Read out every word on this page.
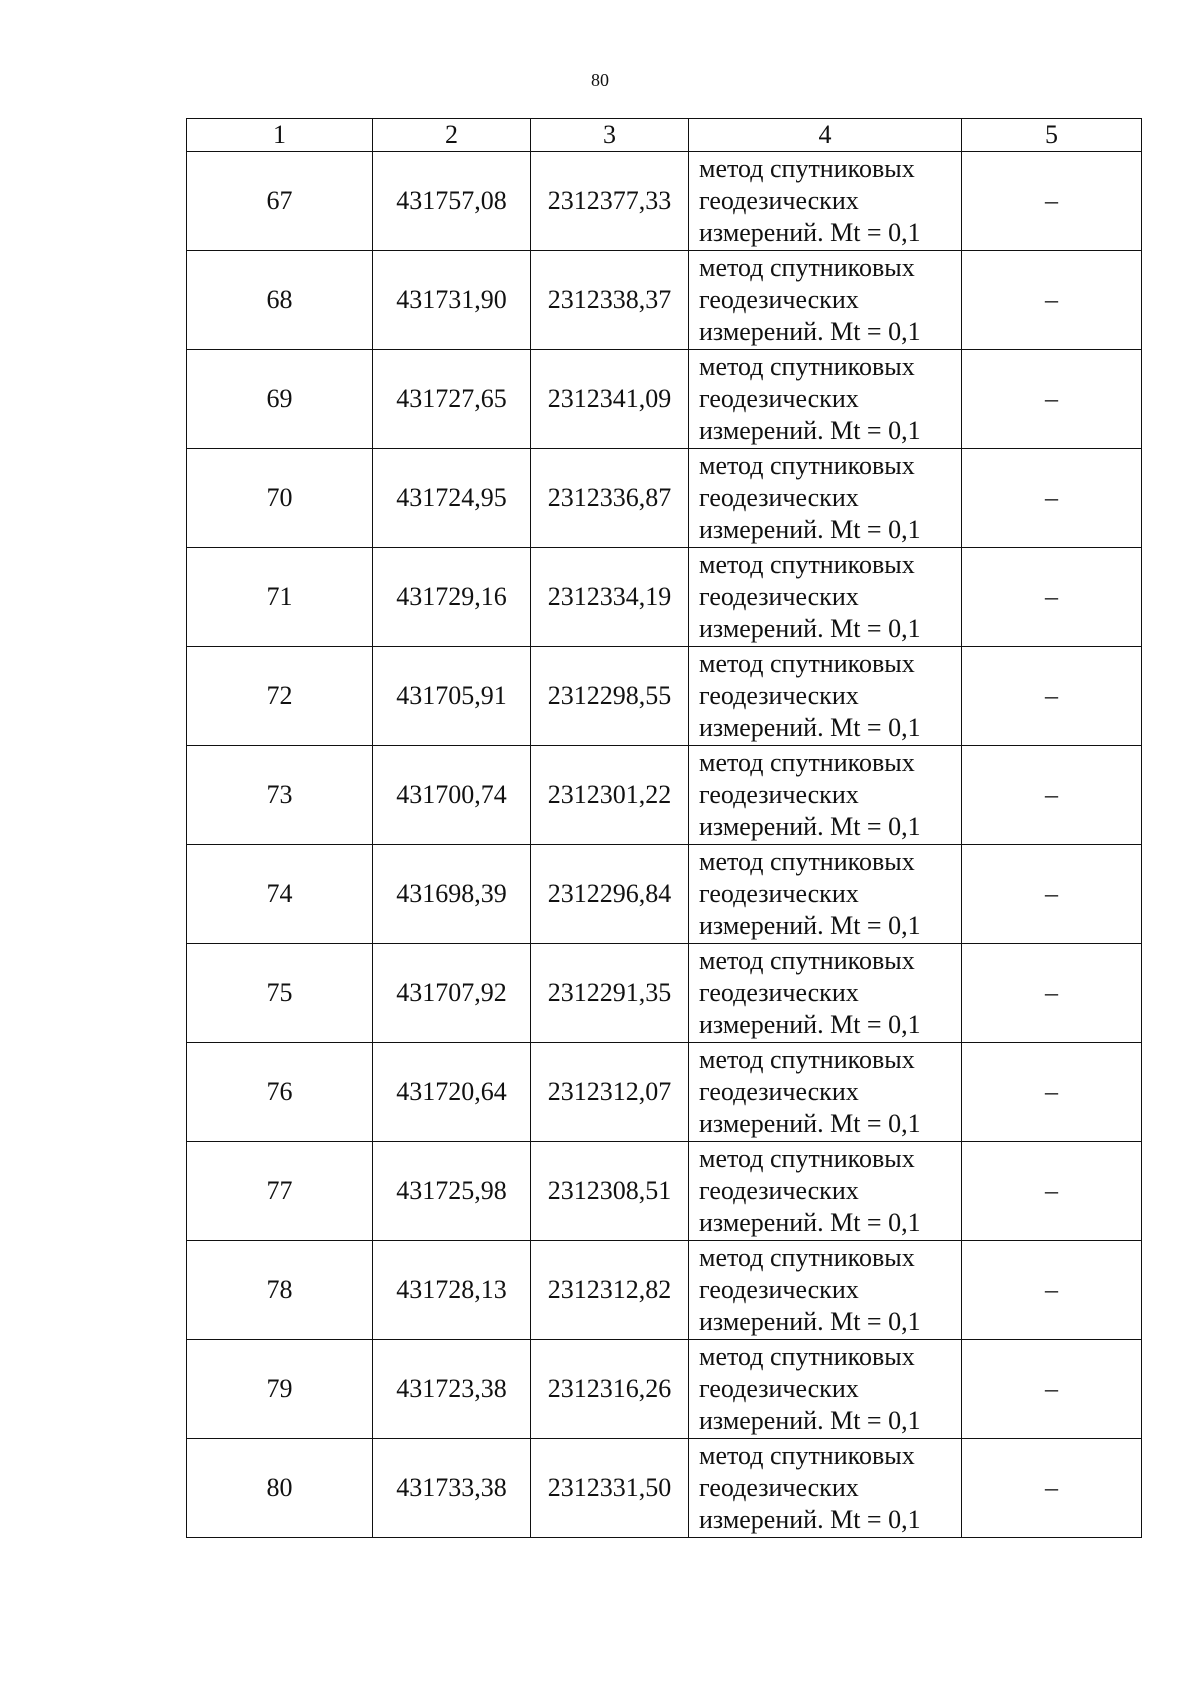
80
1	2	3	4	5
67	431757,08	2312377,33	метод спутниковых
геодезических
измерений. Mt = 0,1	–
68	431731,90	2312338,37	метод спутниковых
геодезических
измерений. Mt = 0,1	–
69	431727,65	2312341,09	метод спутниковых
геодезических
измерений. Mt = 0,1	–
70	431724,95	2312336,87	метод спутниковых
геодезических
измерений. Mt = 0,1	–
71	431729,16	2312334,19	метод спутниковых
геодезических
измерений. Mt = 0,1	–
72	431705,91	2312298,55	метод спутниковых
геодезических
измерений. Mt = 0,1	–
73	431700,74	2312301,22	метод спутниковых
геодезических
измерений. Mt = 0,1	–
74	431698,39	2312296,84	метод спутниковых
геодезических
измерений. Mt = 0,1	–
75	431707,92	2312291,35	метод спутниковых
геодезических
измерений. Mt = 0,1	–
76	431720,64	2312312,07	метод спутниковых
геодезических
измерений. Mt = 0,1	–
77	431725,98	2312308,51	метод спутниковых
геодезических
измерений. Mt = 0,1	–
78	431728,13	2312312,82	метод спутниковых
геодезических
измерений. Mt = 0,1	–
79	431723,38	2312316,26	метод спутниковых
геодезических
измерений. Mt = 0,1	–
80	431733,38	2312331,50	метод спутниковых
геодезических
измерений. Mt = 0,1	–
